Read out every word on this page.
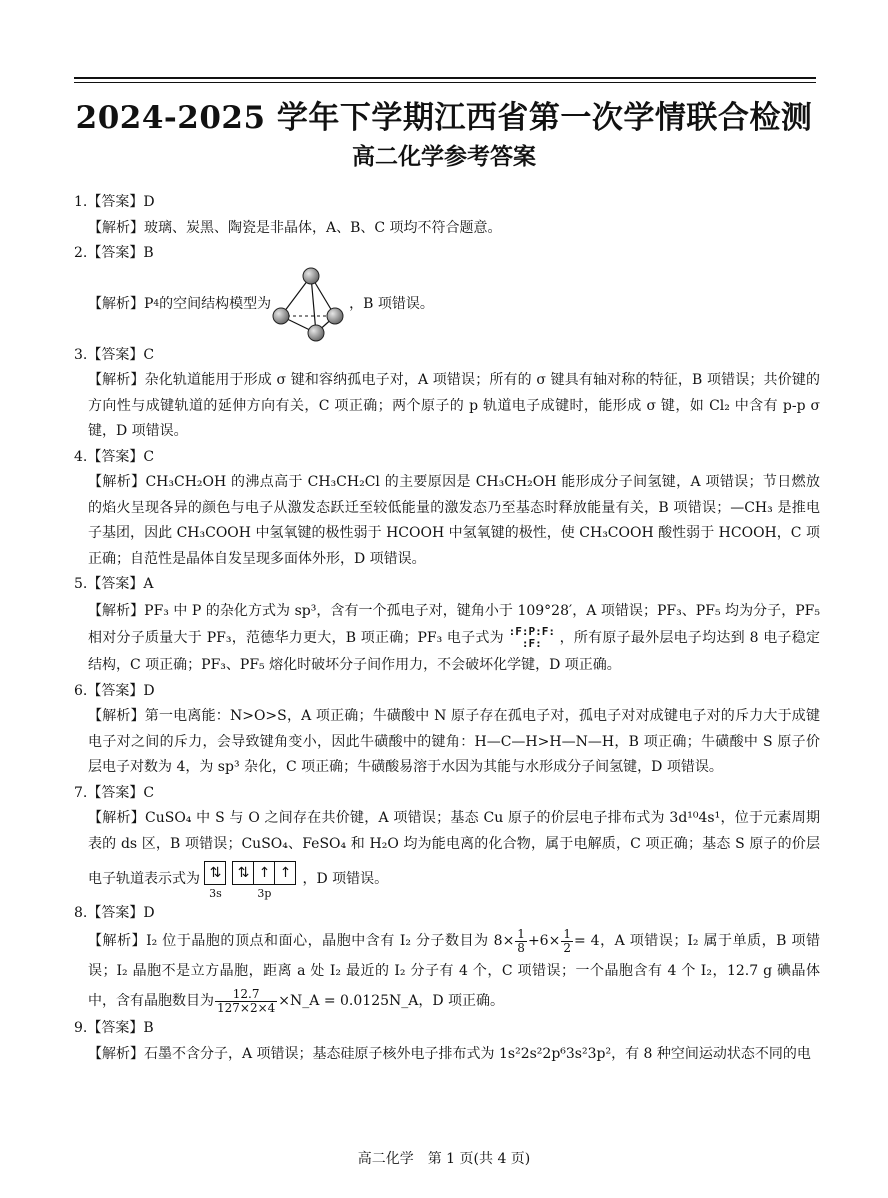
2024-2025 学年下学期江西省第一次学情联合检测
高二化学参考答案

1.【答案】D

【解析】玻璃、炭黑、陶瓷是非晶体，A、B、C 项均不符合题意。

2.【答案】B

【解析】P 4 的空间结构模型为	，B 项错误。

3.【答案】C

【解析】杂化轨道能用于形成 σ 键和容纳孤电子对，A 项错误；所有的 σ 键具有轴对称的特征，B 项错误；共价键的方向性与成键轨道的延伸方向有关，C 项正确；两个原子的 p 轨道电子成键时，能形成 σ 键，如 Cl₂ 中含有 p-p σ 键，D 项错误。

4.【答案】C

【解析】CH₃CH₂OH 的沸点高于 CH₃CH₂Cl 的主要原因是 CH₃CH₂OH 能形成分子间氢键，A 项错误；节日燃放的焰火呈现各异的颜色与电子从激发态跃迁至较低能量的激发态乃至基态时释放能量有关，B 项错误；—CH₃ 是推电子基团，因此 CH₃COOH 中氢氧键的极性弱于 HCOOH 中氢氧键的极性，使 CH₃COOH 酸性弱于 HCOOH，C 项正确；自范性是晶体自发呈现多面体外形，D 项错误。

5.【答案】A

【解析】PF₃ 中 P 的杂化方式为 sp³，含有一个孤电子对，键角小于 109°28′，A 项错误；PF₃、PF₅ 均为分子，PF₅ 相对分子质量大于 PF₃，范德华力更大，B 项正确；PF₃ 电子式为 :F:P:F:
:F:	，所有原子最外层电子均达到 8 电子稳定结构，C 项正确；PF₃、PF₅ 熔化时破坏分子间作用力，不会破坏化学键，D 项正确。

6.【答案】D

【解析】第一电离能：N>O>S，A 项正确；牛磺酸中 N 原子存在孤电子对，孤电子对对成键电子对的斥力大于成键电子对之间的斥力，会导致键角变小，因此牛磺酸中的键角：H—C—H>H—N—H，B 项正确；牛磺酸中 S 原子价层电子对数为 4，为 sp³ 杂化，C 项正确；牛磺酸易溶于水因为其能与水形成分子间氢键，D 项错误。

7.【答案】C

【解析】CuSO₄ 中 S 与 O 之间存在共价键，A 项错误；基态 Cu 原子的价层电子排布式为 3d¹⁰4s¹，位于元素周期表的 ds 区，B 项错误；CuSO₄、FeSO₄ 和 H₂O 均为能电离的化合物，属于电解质，C 项正确；基态 S 原子的价层电子轨道表示式为 ⇅
3s
⇅ ↑ ↑
3p
，D 项错误。

8.【答案】D

【解析】I₂ 位于晶胞的顶点和面心，晶胞中含有 I₂ 分子数目为 $8\times \frac{1}{8} +6\times \frac{1}{2} = 4$，A 项错误；I₂ 属于单质，B 项错误；I₂ 晶胞不是立方晶胞，距离 a 处 I₂ 最近的 I₂ 分子有 4 个，C 项错误；一个晶胞含有 4 个 I₂，12.7 g 碘晶体中，含有晶胞数目为 $\frac{12.7}{127\times 2\times 4}$ ×N_A = 0.0125N_A，D 项正确。

9.【答案】B

【解析】石墨不含分子，A 项错误；基态硅原子核外电子排布式为 1s²2s²2p⁶3s²3p²，有 8 种空间运动状态不同的电

高二化学　第 1 页(共 4 页)
